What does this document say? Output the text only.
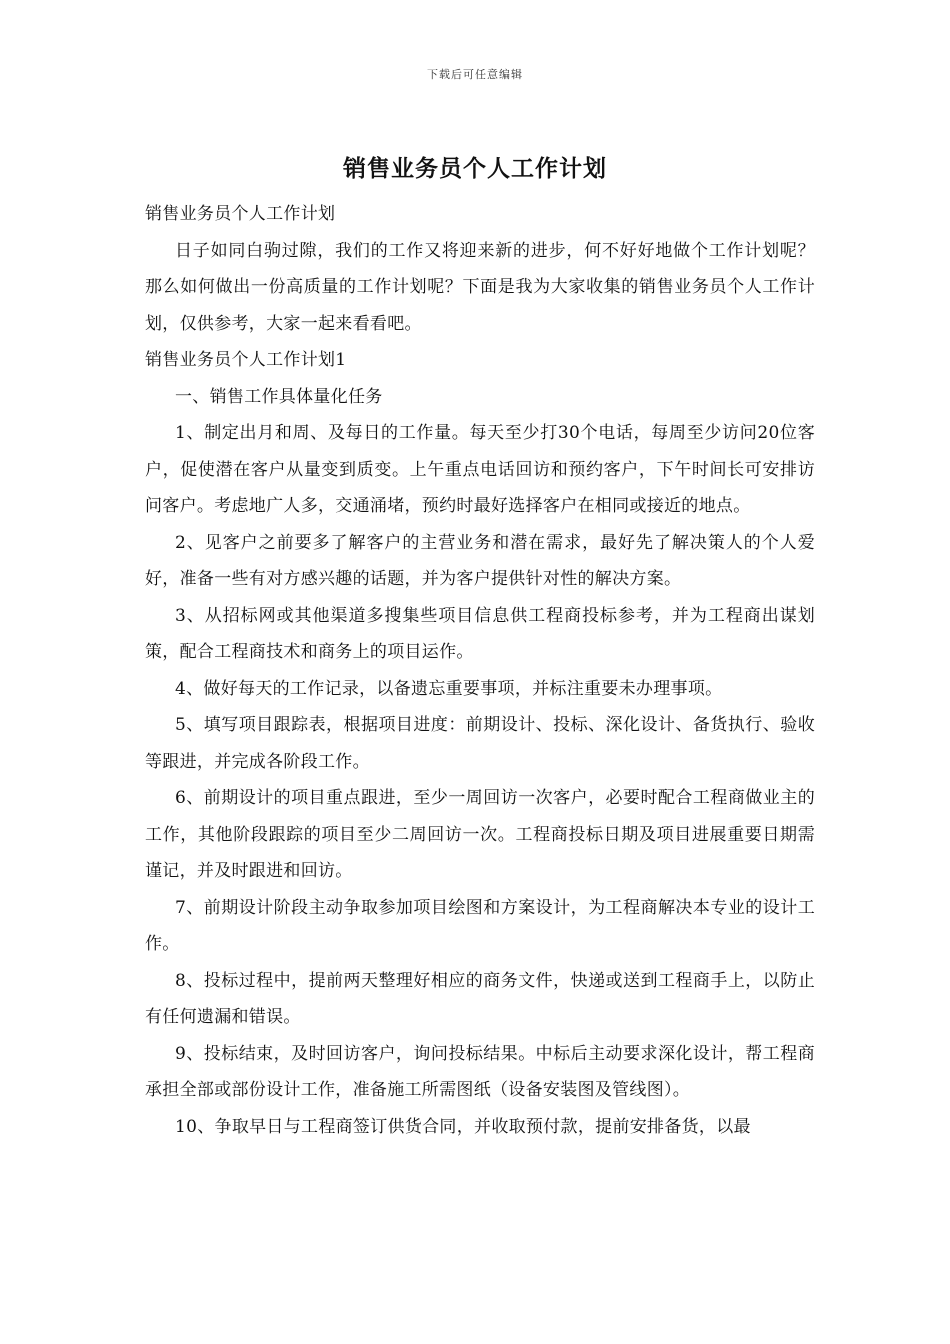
下载后可任意编辑
销售业务员个人工作计划

销售业务员个人工作计划

日子如同白驹过隙，我们的工作又将迎来新的进步，何不好好地做个工作计划呢？那么如何做出一份高质量的工作计划呢？下面是我为大家收集的销售业务员个人工作计划，仅供参考，大家一起来看看吧。

销售业务员个人工作计划1

一、销售工作具体量化任务

1、制定出月和周、及每日的工作量。每天至少打30个电话，每周至少访问20位客户，促使潜在客户从量变到质变。上午重点电话回访和预约客户，下午时间长可安排访问客户。考虑地广人多，交通涌堵，预约时最好选择客户在相同或接近的地点。

2、见客户之前要多了解客户的主营业务和潜在需求，最好先了解决策人的个人爱好，准备一些有对方感兴趣的话题，并为客户提供针对性的解决方案。

3、从招标网或其他渠道多搜集些项目信息供工程商投标参考，并为工程商出谋划策，配合工程商技术和商务上的项目运作。

4、做好每天的工作记录，以备遗忘重要事项，并标注重要未办理事项。

5、填写项目跟踪表，根据项目进度：前期设计、投标、深化设计、备货执行、验收等跟进，并完成各阶段工作。

6、前期设计的项目重点跟进，至少一周回访一次客户，必要时配合工程商做业主的工作，其他阶段跟踪的项目至少二周回访一次。工程商投标日期及项目进展重要日期需谨记，并及时跟进和回访。

7、前期设计阶段主动争取参加项目绘图和方案设计，为工程商解决本专业的设计工作。

8、投标过程中，提前两天整理好相应的商务文件，快递或送到工程商手上，以防止有任何遗漏和错误。

9、投标结束，及时回访客户，询问投标结果。中标后主动要求深化设计，帮工程商承担全部或部份设计工作，准备施工所需图纸（设备安装图及管线图）。

10、争取早日与工程商签订供货合同，并收取预付款，提前安排备货，以最
